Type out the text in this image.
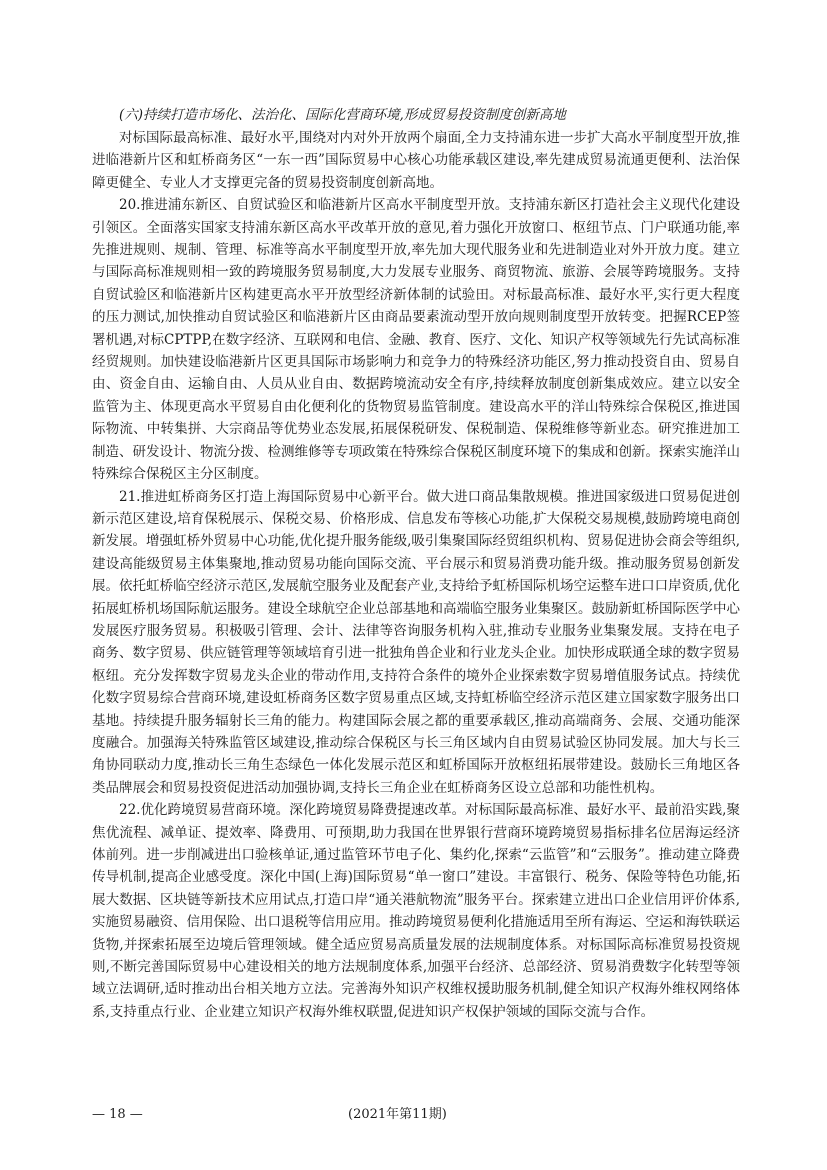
(六)持续打造市场化、法治化、国际化营商环境,形成贸易投资制度创新高地

对标国际最高标准、最好水平,围绕对内对外开放两个扇面,全力支持浦东进一步扩大高水平制度型开放,推进临港新片区和虹桥商务区“一东一西”国际贸易中心核心功能承载区建设,率先建成贸易流通更便利、法治保障更健全、专业人才支撑更完备的贸易投资制度创新高地。

20.推进浦东新区、自贸试验区和临港新片区高水平制度型开放。支持浦东新区打造社会主义现代化建设引领区。全面落实国家支持浦东新区高水平改革开放的意见,着力强化开放窗口、枢纽节点、门户联通功能,率先推进规则、规制、管理、标准等高水平制度型开放,率先加大现代服务业和先进制造业对外开放力度。建立与国际高标准规则相一致的跨境服务贸易制度,大力发展专业服务、商贸物流、旅游、会展等跨境服务。支持自贸试验区和临港新片区构建更高水平开放型经济新体制的试验田。对标最高标准、最好水平,实行更大程度的压力测试,加快推动自贸试验区和临港新片区由商品要素流动型开放向规则制度型开放转变。把握RCEP签署机遇,对标CPTPP,在数字经济、互联网和电信、金融、教育、医疗、文化、知识产权等领域先行先试高标准经贸规则。加快建设临港新片区更具国际市场影响力和竞争力的特殊经济功能区,努力推动投资自由、贸易自由、资金自由、运输自由、人员从业自由、数据跨境流动安全有序,持续释放制度创新集成效应。建立以安全监管为主、体现更高水平贸易自由化便利化的货物贸易监管制度。建设高水平的洋山特殊综合保税区,推进国际物流、中转集拼、大宗商品等优势业态发展,拓展保税研发、保税制造、保税维修等新业态。研究推进加工制造、研发设计、物流分拨、检测维修等专项政策在特殊综合保税区制度环境下的集成和创新。探索实施洋山特殊综合保税区主分区制度。

21.推进虹桥商务区打造上海国际贸易中心新平台。做大进口商品集散规模。推进国家级进口贸易促进创新示范区建设,培育保税展示、保税交易、价格形成、信息发布等核心功能,扩大保税交易规模,鼓励跨境电商创新发展。增强虹桥外贸易中心功能,优化提升服务能级,吸引集聚国际经贸组织机构、贸易促进协会商会等组织,建设高能级贸易主体集聚地,推动贸易功能向国际交流、平台展示和贸易消费功能升级。推动服务贸易创新发展。依托虹桥临空经济示范区,发展航空服务业及配套产业,支持给予虹桥国际机场空运整车进口口岸资质,优化拓展虹桥机场国际航运服务。建设全球航空企业总部基地和高端临空服务业集聚区。鼓励新虹桥国际医学中心发展医疗服务贸易。积极吸引管理、会计、法律等咨询服务机构入驻,推动专业服务业集聚发展。支持在电子商务、数字贸易、供应链管理等领域培育引进一批独角兽企业和行业龙头企业。加快形成联通全球的数字贸易枢纽。充分发挥数字贸易龙头企业的带动作用,支持符合条件的境外企业探索数字贸易增值服务试点。持续优化数字贸易综合营商环境,建设虹桥商务区数字贸易重点区域,支持虹桥临空经济示范区建立国家数字服务出口基地。持续提升服务辐射长三角的能力。构建国际会展之都的重要承载区,推动高端商务、会展、交通功能深度融合。加强海关特殊监管区域建设,推动综合保税区与长三角区域内自由贸易试验区协同发展。加大与长三角协同联动力度,推动长三角生态绿色一体化发展示范区和虹桥国际开放枢纽拓展带建设。鼓励长三角地区各类品牌展会和贸易投资促进活动加强协调,支持长三角企业在虹桥商务区设立总部和功能性机构。

22.优化跨境贸易营商环境。深化跨境贸易降费提速改革。对标国际最高标准、最好水平、最前沿实践,聚焦优流程、减单证、提效率、降费用、可预期,助力我国在世界银行营商环境跨境贸易指标排名位居海运经济体前列。进一步削减进出口验核单证,通过监管环节电子化、集约化,探索“云监管”和“云服务”。推动建立降费传导机制,提高企业感受度。深化中国(上海)国际贸易“单一窗口”建设。丰富银行、税务、保险等特色功能,拓展大数据、区块链等新技术应用试点,打造口岸“通关港航物流”服务平台。探索建立进出口企业信用评价体系,实施贸易融资、信用保险、出口退税等信用应用。推动跨境贸易便利化措施适用至所有海运、空运和海铁联运货物,并探索拓展至边境后管理领域。健全适应贸易高质量发展的法规制度体系。对标国际高标准贸易投资规则,不断完善国际贸易中心建设相关的地方法规制度体系,加强平台经济、总部经济、贸易消费数字化转型等领域立法调研,适时推动出台相关地方立法。完善海外知识产权维权援助服务机制,健全知识产权海外维权网络体系,支持重点行业、企业建立知识产权海外维权联盟,促进知识产权保护领域的国际交流与合作。

— 18 —	(2021年第11期)
